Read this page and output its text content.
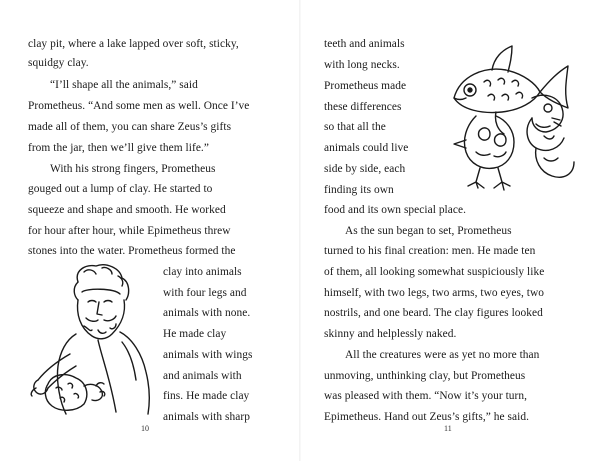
clay pit, where a lake lapped over soft, sticky,
squidgy clay.
“I’ll shape all the animals,” said
Prometheus. “And some men as well. Once I’ve
made all of them, you can share Zeus’s gifts
from the jar, then we’ll give them life.”
With his strong fingers, Prometheus
gouged out a lump of clay. He started to
squeeze and shape and smooth. He worked
for hour after hour, while Epimetheus threw
stones into the water. Prometheus formed the
clay into animals
with four legs and
animals with none.
He made clay
animals with wings
and animals with
fins. He made clay
animals with sharp
10
teeth and animals
with long necks.
Prometheus made
these differences
so that all the
animals could live
side by side, each
finding its own
food and its own special place.
As the sun began to set, Prometheus
turned to his final creation: men. He made ten
of them, all looking somewhat suspiciously like
himself, with two legs, two arms, two eyes, two
nostrils, and one beard. The clay figures looked
skinny and helplessly naked.
All the creatures were as yet no more than
unmoving, unthinking clay, but Prometheus
was pleased with them. “Now it’s your turn,
Epimetheus. Hand out Zeus’s gifts,” he said.
11
